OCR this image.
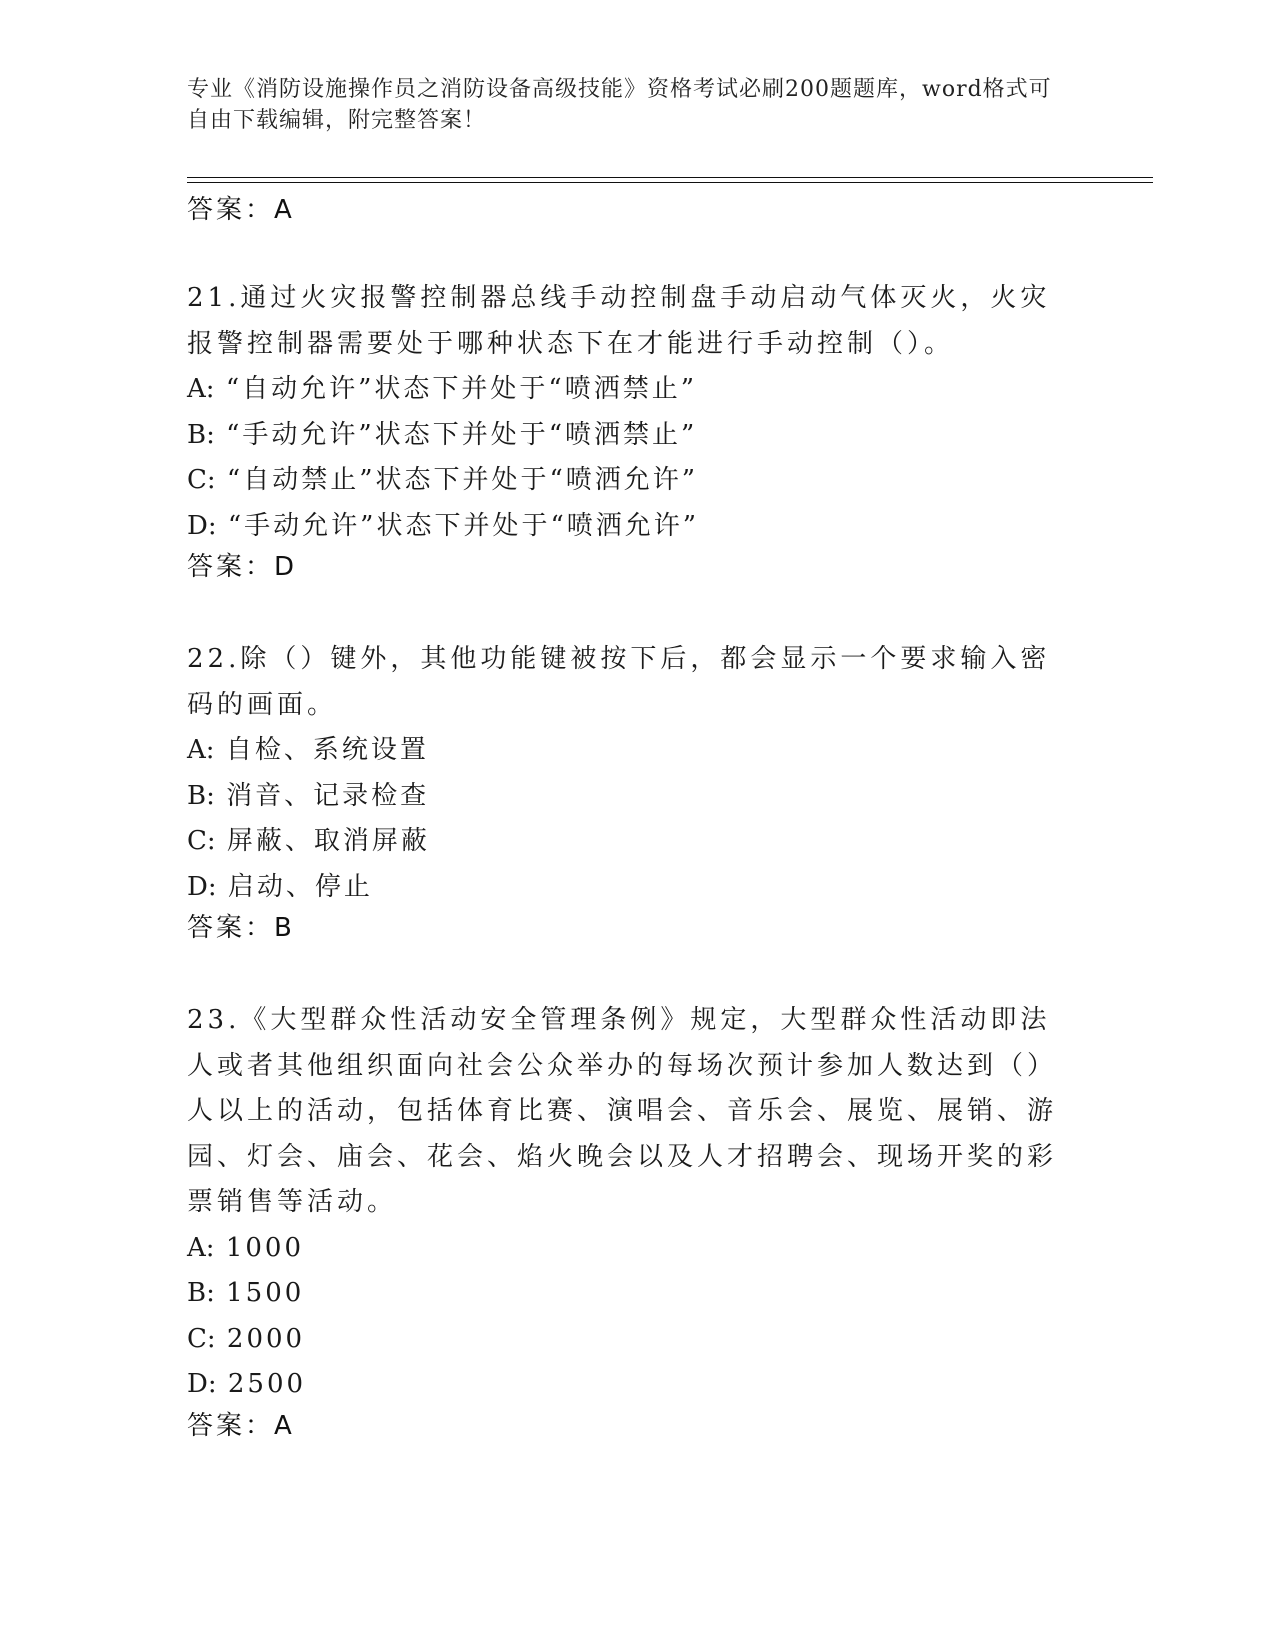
专业《消防设施操作员之消防设备高级技能》资格考试必刷200题题库，word格式可自由下载编辑，附完整答案！

答案：A

21.通过火灾报警控制器总线手动控制盘手动启动气体灭火，火灾报警控制器需要处于哪种状态下在才能进行手动控制（）。

A: “自动允许”状态下并处于“喷洒禁止”

B: “手动允许”状态下并处于“喷洒禁止”

C: “自动禁止”状态下并处于“喷洒允许”

D: “手动允许”状态下并处于“喷洒允许”

答案：D

22.除（）键外，其他功能键被按下后，都会显示一个要求输入密码的画面。

A: 自检、系统设置

B: 消音、记录检查

C: 屏蔽、取消屏蔽

D: 启动、停止

答案：B

23.《大型群众性活动安全管理条例》规定，大型群众性活动即法人或者其他组织面向社会公众举办的每场次预计参加人数达到（）人以上的活动，包括体育比赛、演唱会、音乐会、展览、展销、游园、灯会、庙会、花会、焰火晚会以及人才招聘会、现场开奖的彩票销售等活动。

A: 1000

B: 1500

C: 2000

D: 2500

答案：A
